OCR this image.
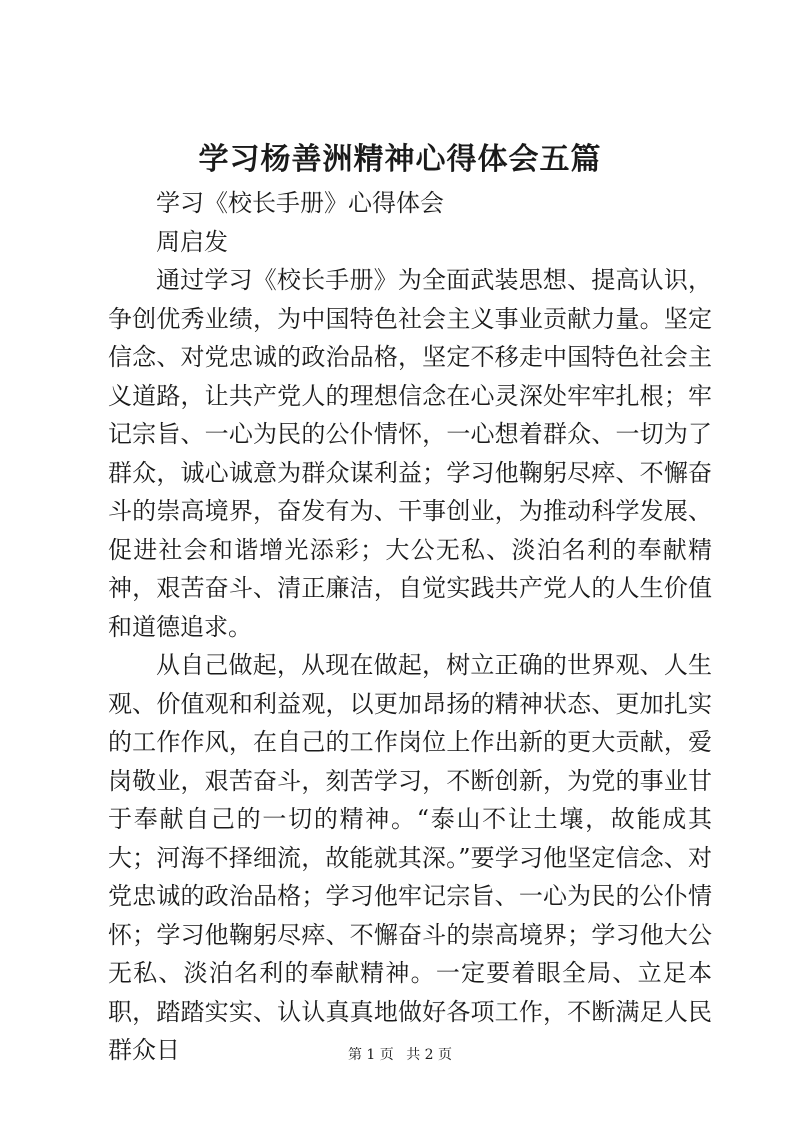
学习杨善洲精神心得体会五篇

学习《校长手册》心得体会

周启发

通过学习《校长手册》为全面武装思想、提高认识，争创优秀业绩，为中国特色社会主义事业贡献力量。坚定信念、对党忠诚的政治品格，坚定不移走中国特色社会主义道路，让共产党人的理想信念在心灵深处牢牢扎根；牢记宗旨、一心为民的公仆情怀，一心想着群众、一切为了群众，诚心诚意为群众谋利益；学习他鞠躬尽瘁、不懈奋斗的崇高境界，奋发有为、干事创业，为推动科学发展、促进社会和谐增光添彩；大公无私、淡泊名利的奉献精神，艰苦奋斗、清正廉洁，自觉实践共产党人的人生价值和道德追求。

从自己做起，从现在做起，树立正确的世界观、人生观、价值观和利益观，以更加昂扬的精神状态、更加扎实的工作作风，在自己的工作岗位上作出新的更大贡献，爱岗敬业，艰苦奋斗，刻苦学习，不断创新，为党的事业甘于奉献自己的一切的精神。“泰山不让土壤，故能成其大；河海不择细流，故能就其深。”要学习他坚定信念、对党忠诚的政治品格；学习他牢记宗旨、一心为民的公仆情怀；学习他鞠躬尽瘁、不懈奋斗的崇高境界；学习他大公无私、淡泊名利的奉献精神。一定要着眼全局、立足本职，踏踏实实、认认真真地做好各项工作，不断满足人民群众日	第 1 页 共 2 页
